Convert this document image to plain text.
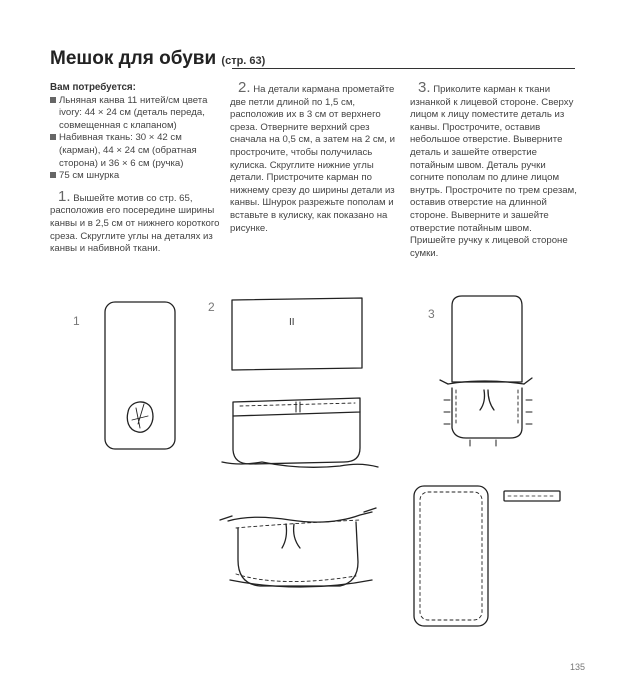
Мешок для обуви (стр. 63)

Вам потребуется:

Льняная канва 11 нитей/см цвета ivory: 44 × 24 см (деталь переда, совмещенная с клапаном)

Набивная ткань: 30 × 42 см (карман), 44 × 24 см (обратная сторона) и 36 × 6 см (ручка)

75 см шнурка

1. Вышейте мотив со стр. 65, расположив его посередине ширины канвы и в 2,5 см от нижнего короткого среза. Скруглите углы на деталях из канвы и набивной ткани.

2. На детали кармана прометайте две петли длиной по 1,5 см, расположив их в 3 см от верхнего среза. Отверните верхний срез сначала на 0,5 см, а затем на 2 см, и прострочите, чтобы получилась кулиска. Скруглите нижние углы детали. Пристрочите карман по нижнему срезу до ширины детали из канвы. Шнурок разрежьте пополам и вставьте в кулиску, как показано на рисунке.

3. Приколите карман к ткани изнанкой к лицевой стороне. Сверху лицом к лицу поместите деталь из канвы. Прострочите, оставив небольшое отверстие. Выверните деталь и зашейте отверстие потайным швом. Деталь ручки согните пополам по длине лицом внутрь. Прострочите по трем срезам, оставив отверстие на длинной стороне. Выверните и зашейте отверстие потайным швом. Пришейте ручку к лицевой стороне сумки.

1
2	3
II
135
